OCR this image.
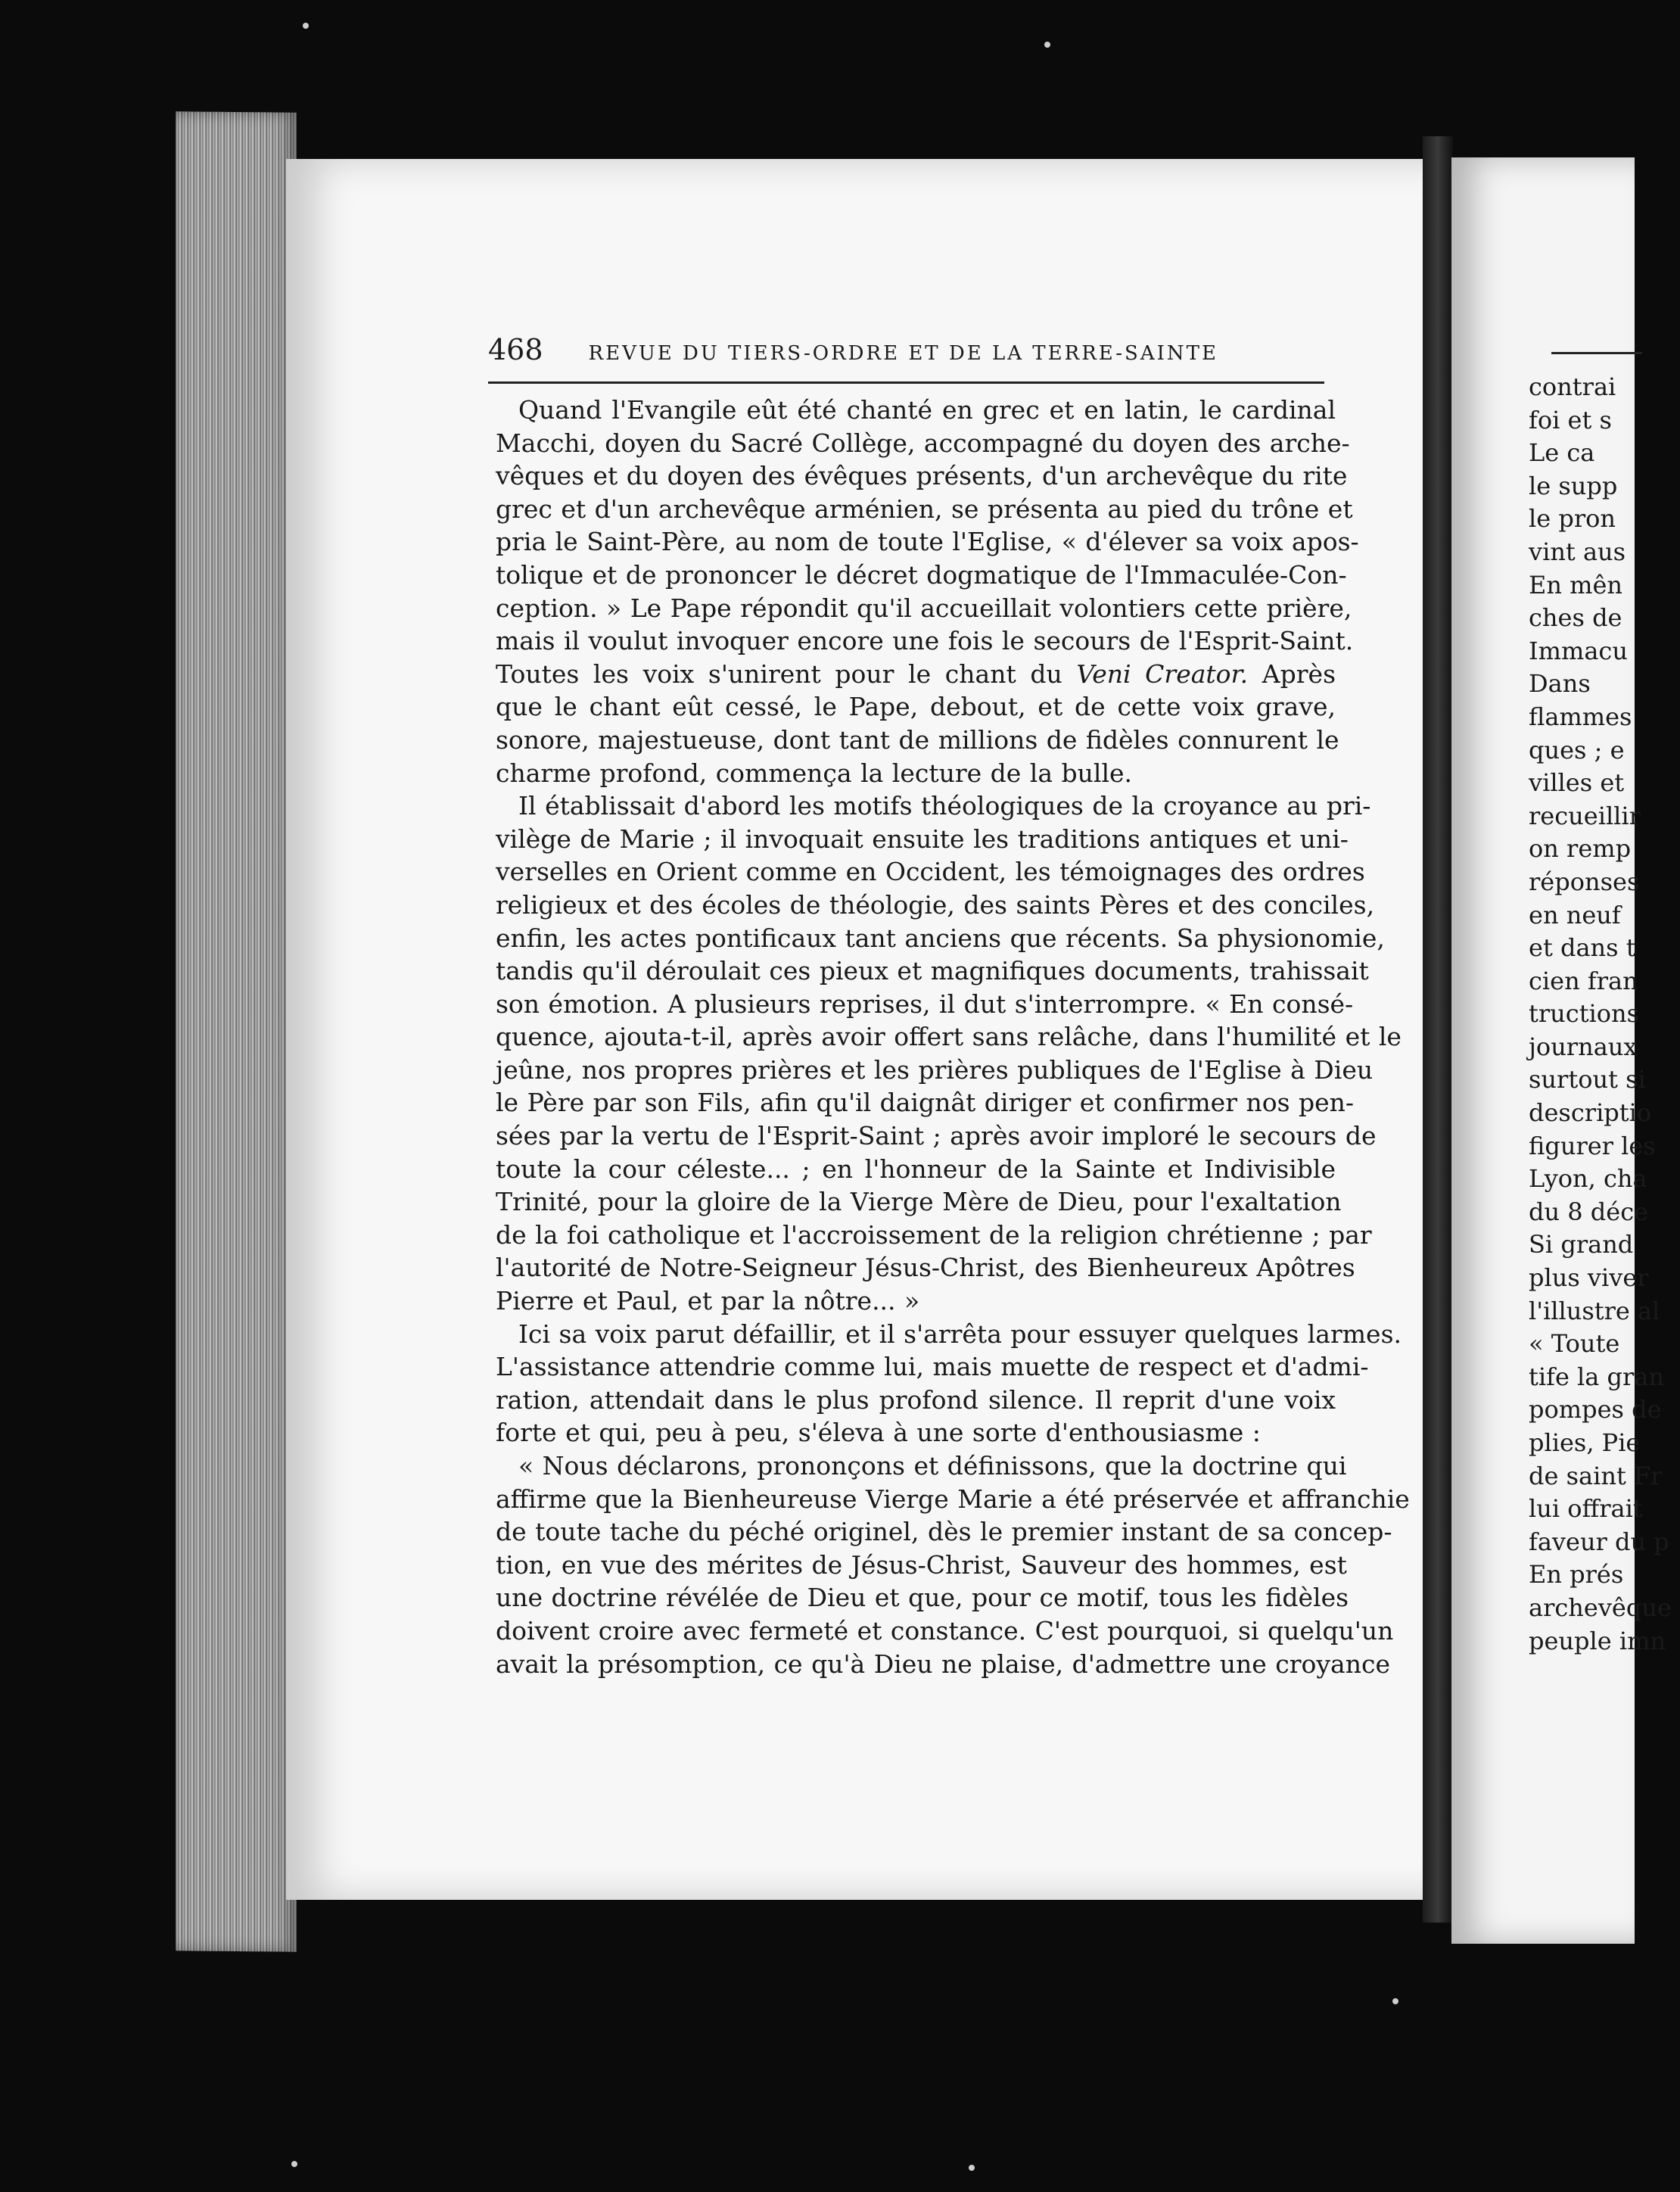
468 REVUE DU TIERS-ORDRE ET DE LA TERRE-SAINTE
Quand l'Evangile eût été chanté en grec et en latin, le cardinal
Macchi, doyen du Sacré Collège, accompagné du doyen des arche-
vêques et du doyen des évêques présents, d'un archevêque du rite
grec et d'un archevêque arménien, se présenta au pied du trône et
pria le Saint-Père, au nom de toute l'Eglise, « d'élever sa voix apos-
tolique et de prononcer le décret dogmatique de l'Immaculée-Con-
ception. » Le Pape répondit qu'il accueillait volontiers cette prière,
mais il voulut invoquer encore une fois le secours de l'Esprit-Saint.
Toutes les voix s'unirent pour le chant du Veni Creator. Après
que le chant eût cessé, le Pape, debout, et de cette voix grave,
sonore, majestueuse, dont tant de millions de fidèles connurent le
charme profond, commença la lecture de la bulle.
Il établissait d'abord les motifs théologiques de la croyance au pri-
vilège de Marie ; il invoquait ensuite les traditions antiques et uni-
verselles en Orient comme en Occident, les témoignages des ordres
religieux et des écoles de théologie, des saints Pères et des conciles,
enfin, les actes pontificaux tant anciens que récents. Sa physionomie,
tandis qu'il déroulait ces pieux et magnifiques documents, trahissait
son émotion. A plusieurs reprises, il dut s'interrompre. « En consé-
quence, ajouta-t-il, après avoir offert sans relâche, dans l'humilité et le
jeûne, nos propres prières et les prières publiques de l'Eglise à Dieu
le Père par son Fils, afin qu'il daignât diriger et confirmer nos pen-
sées par la vertu de l'Esprit-Saint ; après avoir imploré le secours de
toute la cour céleste... ; en l'honneur de la Sainte et Indivisible
Trinité, pour la gloire de la Vierge Mère de Dieu, pour l'exaltation
de la foi catholique et l'accroissement de la religion chrétienne ; par
l'autorité de Notre-Seigneur Jésus-Christ, des Bienheureux Apôtres
Pierre et Paul, et par la nôtre... »
Ici sa voix parut défaillir, et il s'arrêta pour essuyer quelques larmes.
L'assistance attendrie comme lui, mais muette de respect et d'admi-
ration, attendait dans le plus profond silence. Il reprit d'une voix
forte et qui, peu à peu, s'éleva à une sorte d'enthousiasme :
« Nous déclarons, prononçons et définissons, que la doctrine qui
affirme que la Bienheureuse Vierge Marie a été préservée et affranchie
de toute tache du péché originel, dès le premier instant de sa concep-
tion, en vue des mérites de Jésus-Christ, Sauveur des hommes, est
une doctrine révélée de Dieu et que, pour ce motif, tous les fidèles
doivent croire avec fermeté et constance. C'est pourquoi, si quelqu'un
avait la présomption, ce qu'à Dieu ne plaise, d'admettre une croyance
contrai
foi et s
Le ca
le supp
le pron
vint aus
En mên
ches de
Immacu
Dans
flammes
ques ; e
villes et
recueillir
on remp
réponses
en neuf
et dans t
cien fran
tructions
journaux
surtout si
descriptio
figurer les
Lyon, cha
du 8 déce
Si grand
plus viver
l'illustre al
« Toute
tife la gran
pompes de
plies, Pie
de saint Fr
lui offrait
faveur du p
En prés
archevêque
peuple imn
